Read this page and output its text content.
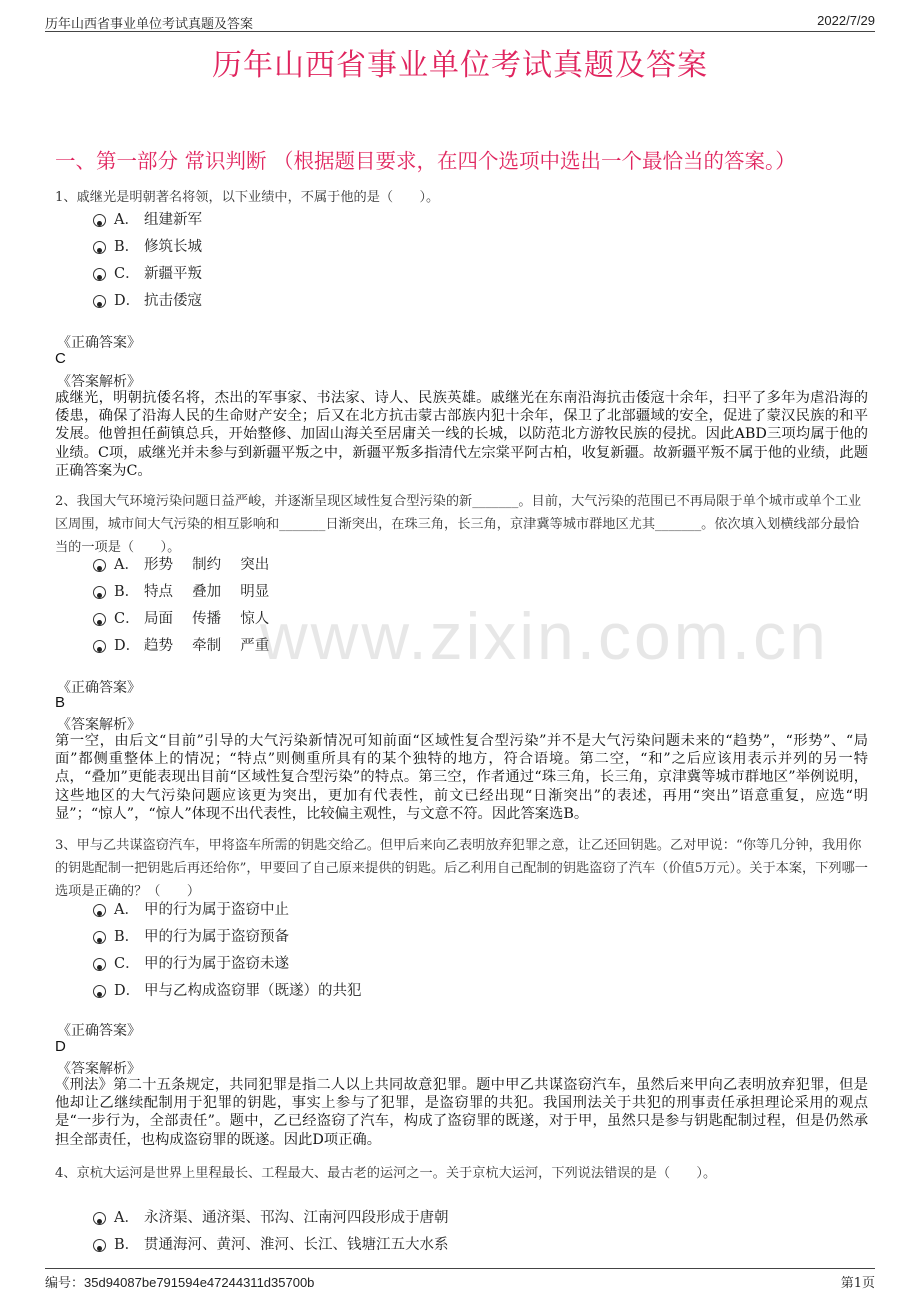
历年山西省事业单位考试真题及答案	2022/7/29
历年山西省事业单位考试真题及答案
一、第一部分 常识判断 （根据题目要求，在四个选项中选出一个最恰当的答案。）
www.zixin.com.cn
1、戚继光是明朝著名将领，以下业绩中，不属于他的是（　　）。
A． 组建新军
B． 修筑长城
C． 新疆平叛
D． 抗击倭寇
《正确答案》
C
《答案解析》
戚继光，明朝抗倭名将，杰出的军事家、书法家、诗人、民族英雄。戚继光在东南沿海抗击倭寇十余年，扫平了多年为虐沿海的倭患，确保了沿海人民的生命财产安全；后又在北方抗击蒙古部族内犯十余年，保卫了北部疆域的安全，促进了蒙汉民族的和平发展。他曾担任蓟镇总兵，开始整修、加固山海关至居庸关一线的长城，以防范北方游牧民族的侵扰。因此ABD三项均属于他的业绩。C项，戚继光并未参与到新疆平叛之中，新疆平叛多指清代左宗棠平阿古柏，收复新疆。故新疆平叛不属于他的业绩，此题正确答案为C。
2、我国大气环境污染问题日益严峻，并逐渐呈现区域性复合型污染的新_______。目前，大气污染的范围已不再局限于单个城市或单个工业区周围，城市间大气污染的相互影响和_______日渐突出，在珠三角，长三角，京津冀等城市群地区尤其_______。依次填入划横线部分最恰当的一项是（　　）。
A． 形势　 制约　 突出
B． 特点　 叠加　 明显
C． 局面　 传播　 惊人
D． 趋势　 牵制　 严重
《正确答案》
B
《答案解析》
第一空，由后文“目前”引导的大气污染新情况可知前面“区域性复合型污染”并不是大气污染问题未来的“趋势”，“形势”、“局面”都侧重整体上的情况；“特点”则侧重所具有的某个独特的地方，符合语境。第二空，“和”之后应该用表示并列的另一特点，“叠加”更能表现出目前“区域性复合型污染”的特点。第三空，作者通过“珠三角，长三角，京津冀等城市群地区”举例说明，这些地区的大气污染问题应该更为突出，更加有代表性，前文已经出现“日渐突出”的表述，再用“突出”语意重复，应选“明显”；“惊人”，“惊人”体现不出代表性，比较偏主观性，与文意不符。因此答案选B。
3、甲与乙共谋盗窃汽车，甲将盗车所需的钥匙交给乙。但甲后来向乙表明放弃犯罪之意，让乙还回钥匙。乙对甲说：“你等几分钟，我用你的钥匙配制一把钥匙后再还给你”，甲要回了自己原来提供的钥匙。后乙利用自己配制的钥匙盗窃了汽车（价值5万元）。关于本案，下列哪一选项是正确的？（　　）
A． 甲的行为属于盗窃中止
B． 甲的行为属于盗窃预备
C． 甲的行为属于盗窃未遂
D． 甲与乙构成盗窃罪（既遂）的共犯
《正确答案》
D
《答案解析》
《刑法》第二十五条规定，共同犯罪是指二人以上共同故意犯罪。题中甲乙共谋盗窃汽车，虽然后来甲向乙表明放弃犯罪，但是他却让乙继续配制用于犯罪的钥匙，事实上参与了犯罪，是盗窃罪的共犯。我国刑法关于共犯的刑事责任承担理论采用的观点是“一步行为，全部责任”。题中，乙已经盗窃了汽车，构成了盗窃罪的既遂，对于甲，虽然只是参与钥匙配制过程，但是仍然承担全部责任，也构成盗窃罪的既遂。因此D项正确。
4、京杭大运河是世界上里程最长、工程最大、最古老的运河之一。关于京杭大运河，下列说法错误的是（　　）。
A． 永济渠、通济渠、邗沟、江南河四段形成于唐朝
B． 贯通海河、黄河、淮河、长江、钱塘江五大水系
编号：35d94087be791594e47244311d35700b	第1页
